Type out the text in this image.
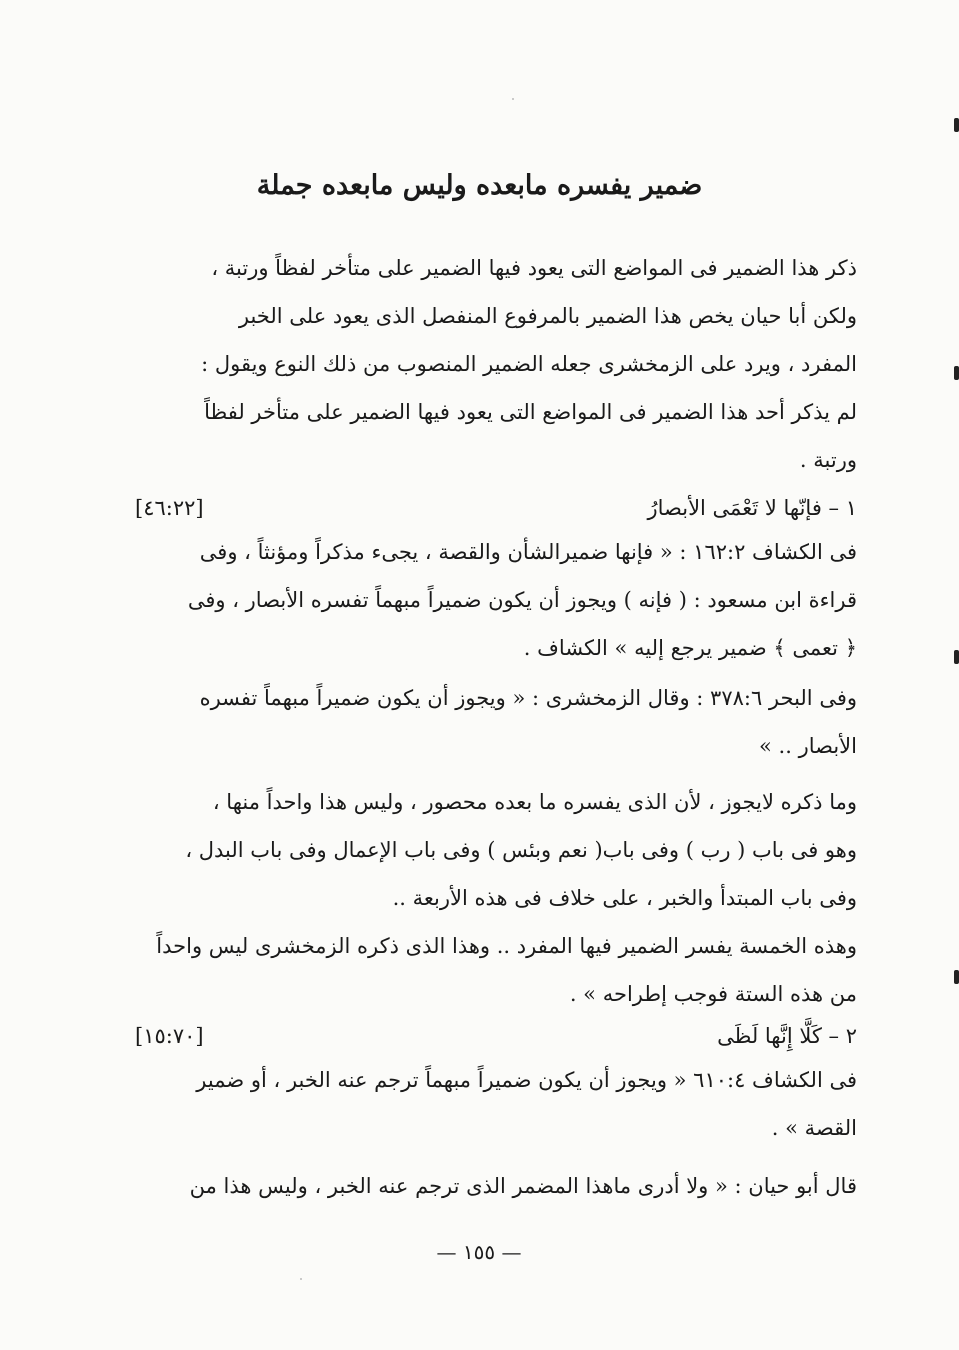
ضمير يفسره مابعده وليس مابعده جملة

ذكر هذا الضمير فى المواضع التى يعود فيها الضمير على متأخر لفظاً ورتبة ،
ولكن أبا حيان يخص هذا الضمير بالمرفوع المنفصل الذى يعود على الخبر
المفرد ، ويرد على الزمخشرى جعله الضمير المنصوب من ذلك النوع ويقول :
لم يذكر أحد هذا الضمير فى المواضع التى يعود فيها الضمير على متأخر لفظاً
ورتبة .

١ – فإنّها لا تَعْمَى الأبصارُ
[٤٦:٢٢]

فى الكشاف ١٦٢:٢ : « فإنها ضميرالشأن والقصة ، يجىء مذكراً ومؤنثاً ، وفى
قراءة ابن مسعود : ( فإنه ) ويجوز أن يكون ضميراً مبهماً تفسره الأبصار ، وفى
﴿ تعمى ﴾ ضمير يرجع إليه » الكشاف .

وفى البحر ٣٧٨:٦ : وقال الزمخشرى : « ويجوز أن يكون ضميراً مبهماً تفسره
الأبصار .. »

وما ذكره لايجوز ، لأن الذى يفسره ما بعده محصور ، وليس هذا واحداً منها ،
وهو فى باب ( رب ) وفى باب( نعم وبئس ) وفى باب الإعمال وفى باب البدل ،
وفى باب المبتدأ والخبر ، على خلاف فى هذه الأربعة ..
وهذه الخمسة يفسر الضمير فيها المفرد .. وهذا الذى ذكره الزمخشرى ليس واحداً
من هذه الستة فوجب إطراحه » .

٢ – كَلَّا إِنَّها لَظَى
[١٥:٧٠]

فى الكشاف ٦١٠:٤ « ويجوز أن يكون ضميراً مبهماً ترجم عنه الخبر ، أو ضمير
القصة » .

قال أبو حيان : « ولا أدرى ماهذا المضمر الذى ترجم عنه الخبر ، وليس هذا من

— ١٥٥ —
